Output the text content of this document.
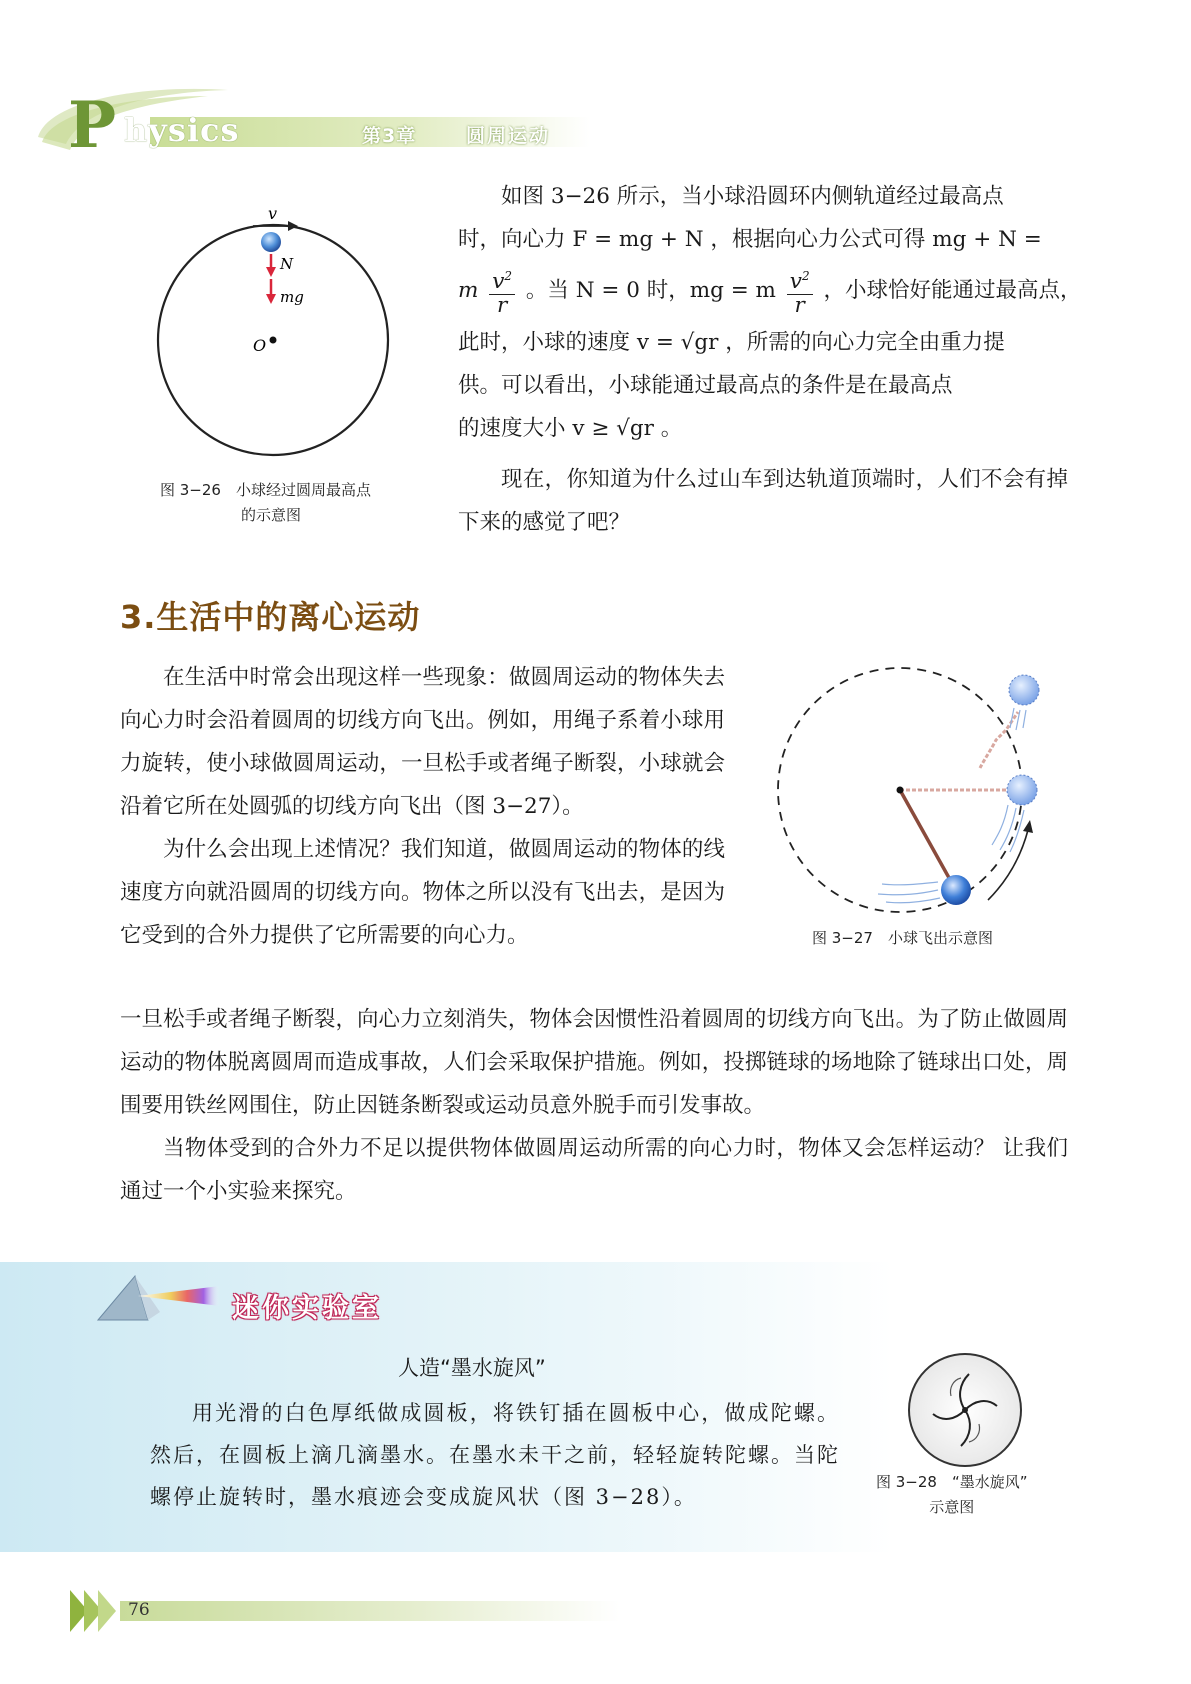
P hysics	第3章	圆周运动
v
N
mg
O
图 3−26　小球经过圆周最高点
的示意图
如图 3−26 所示，当小球沿圆环内侧轨道经过最高点
时，向心力 F = mg + N ，根据向心力公式可得 mg + N =
m $\frac{v^2}{r}$ 。当 N = 0 时，mg = m $\frac{v^2}{r}$ ，小球恰好能通过最高点，
此时，小球的速度 v = √gr ，所需的向心力完全由重力提
供。可以看出，小球能通过最高点的条件是在最高点
的速度大小 v ≥ √gr 。

现在，你知道为什么过山车到达轨道顶端时，人们不会有掉下来的感觉了吧？

3.生活中的离心运动

在生活中时常会出现这样一些现象：做圆周运动的物体失去向心力时会沿着圆周的切线方向飞出。例如，用绳子系着小球用力旋转，使小球做圆周运动，一旦松手或者绳子断裂，小球就会沿着它所在处圆弧的切线方向飞出（图 3−27）。

为什么会出现上述情况？我们知道，做圆周运动的物体的线速度方向就沿圆周的切线方向。物体之所以没有飞出去，是因为它受到的合外力提供了它所需要的向心力。	图 3−27　小球飞出示意图

一旦松手或者绳子断裂，向心力立刻消失，物体会因惯性沿着圆周的切线方向飞出。为了防止做圆周运动的物体脱离圆周而造成事故，人们会采取保护措施。例如，投掷链球的场地除了链球出口处，周围要用铁丝网围住，防止因链条断裂或运动员意外脱手而引发事故。

当物体受到的合外力不足以提供物体做圆周运动所需的向心力时，物体又会怎样运动？ 让我们通过一个小实验来探究。

迷你实验室
人造“墨水旋风”

用光滑的白色厚纸做成圆板，将铁钉插在圆板中心，做成陀螺。然后，在圆板上滴几滴墨水。在墨水未干之前，轻轻旋转陀螺。当陀螺停止旋转时，墨水痕迹会变成旋风状（图 3−28）。

图 3−28　“墨水旋风”
示意图
76
